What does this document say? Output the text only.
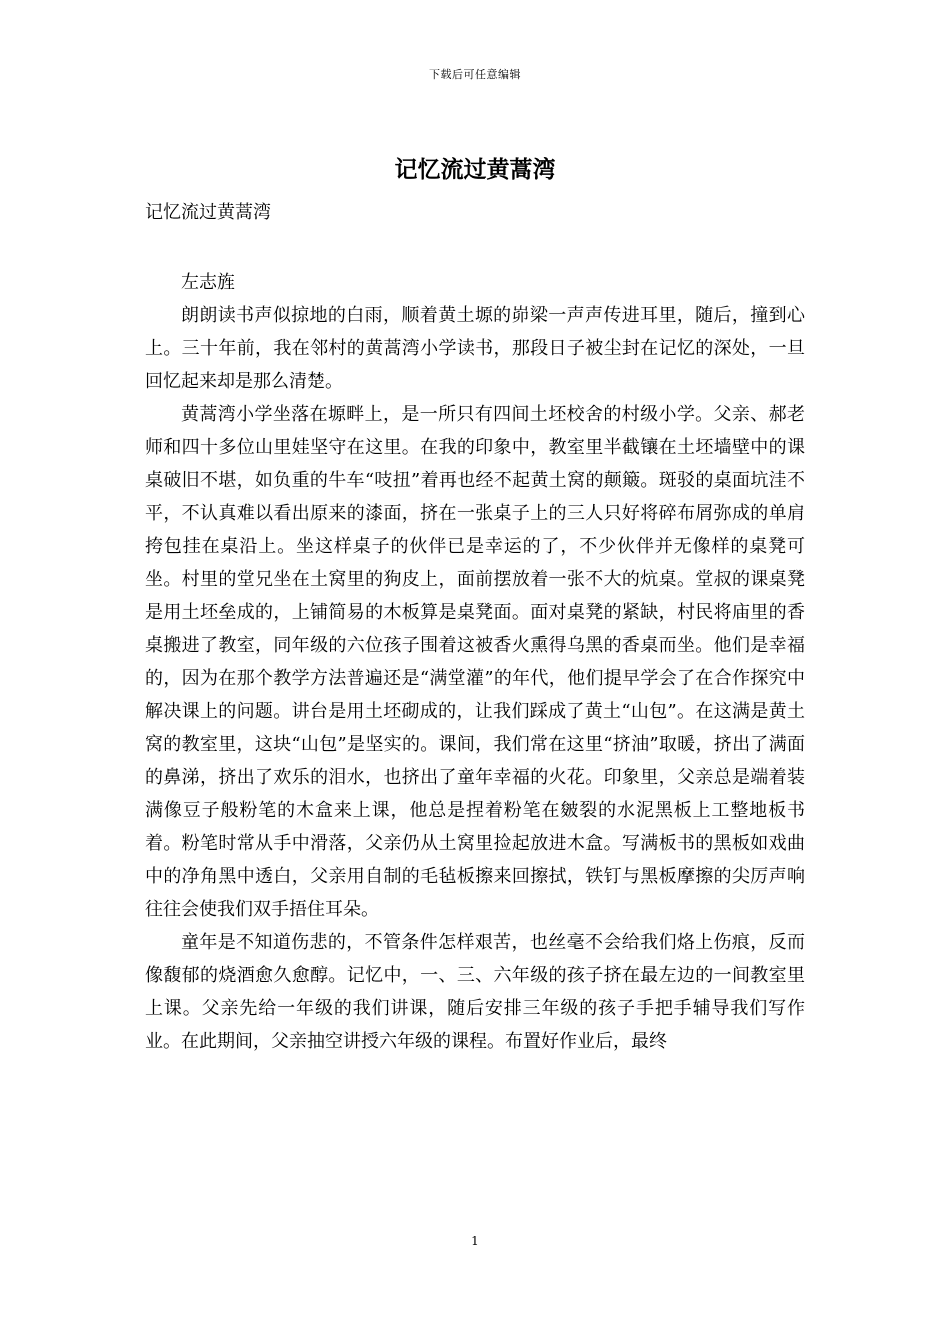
下载后可任意编辑
记忆流过黄蒿湾

记忆流过黄蒿湾

左志旌

朗朗读书声似掠地的白雨，顺着黄土塬的峁梁一声声传进耳里，随后，撞到心上。三十年前，我在邻村的黄蒿湾小学读书，那段日子被尘封在记忆的深处，一旦回忆起来却是那么清楚。

黄蒿湾小学坐落在塬畔上，是一所只有四间土坯校舍的村级小学。父亲、郝老师和四十多位山里娃坚守在这里。在我的印象中，教室里半截镶在土坯墙壁中的课桌破旧不堪，如负重的牛车“吱扭”着再也经不起黄土窝的颠簸。斑驳的桌面坑洼不平，不认真难以看出原来的漆面，挤在一张桌子上的三人只好将碎布屑弥成的单肩挎包挂在桌沿上。坐这样桌子的伙伴已是幸运的了，不少伙伴并无像样的桌凳可坐。村里的堂兄坐在土窝里的狗皮上，面前摆放着一张不大的炕桌。堂叔的课桌凳是用土坯垒成的，上铺简易的木板算是桌凳面。面对桌凳的紧缺，村民将庙里的香桌搬进了教室，同年级的六位孩子围着这被香火熏得乌黑的香桌而坐。他们是幸福的，因为在那个教学方法普遍还是“满堂灌”的年代，他们提早学会了在合作探究中解决课上的问题。讲台是用土坯砌成的，让我们踩成了黄土“山包”。在这满是黄土窝的教室里，这块“山包”是坚实的。课间，我们常在这里“挤油”取暖，挤出了满面的鼻涕，挤出了欢乐的泪水，也挤出了童年幸福的火花。印象里，父亲总是端着装满像豆子般粉笔的木盒来上课，他总是捏着粉笔在皴裂的水泥黑板上工整地板书着。粉笔时常从手中滑落，父亲仍从土窝里捡起放进木盒。写满板书的黑板如戏曲中的净角黑中透白，父亲用自制的毛毡板擦来回擦拭，铁钉与黑板摩擦的尖厉声响往往会使我们双手捂住耳朵。

童年是不知道伤悲的，不管条件怎样艰苦，也丝毫不会给我们烙上伤痕，反而像馥郁的烧酒愈久愈醇。记忆中，一、三、六年级的孩子挤在最左边的一间教室里上课。父亲先给一年级的我们讲课，随后安排三年级的孩子手把手辅导我们写作业。在此期间，父亲抽空讲授六年级的课程。布置好作业后，最终

1
